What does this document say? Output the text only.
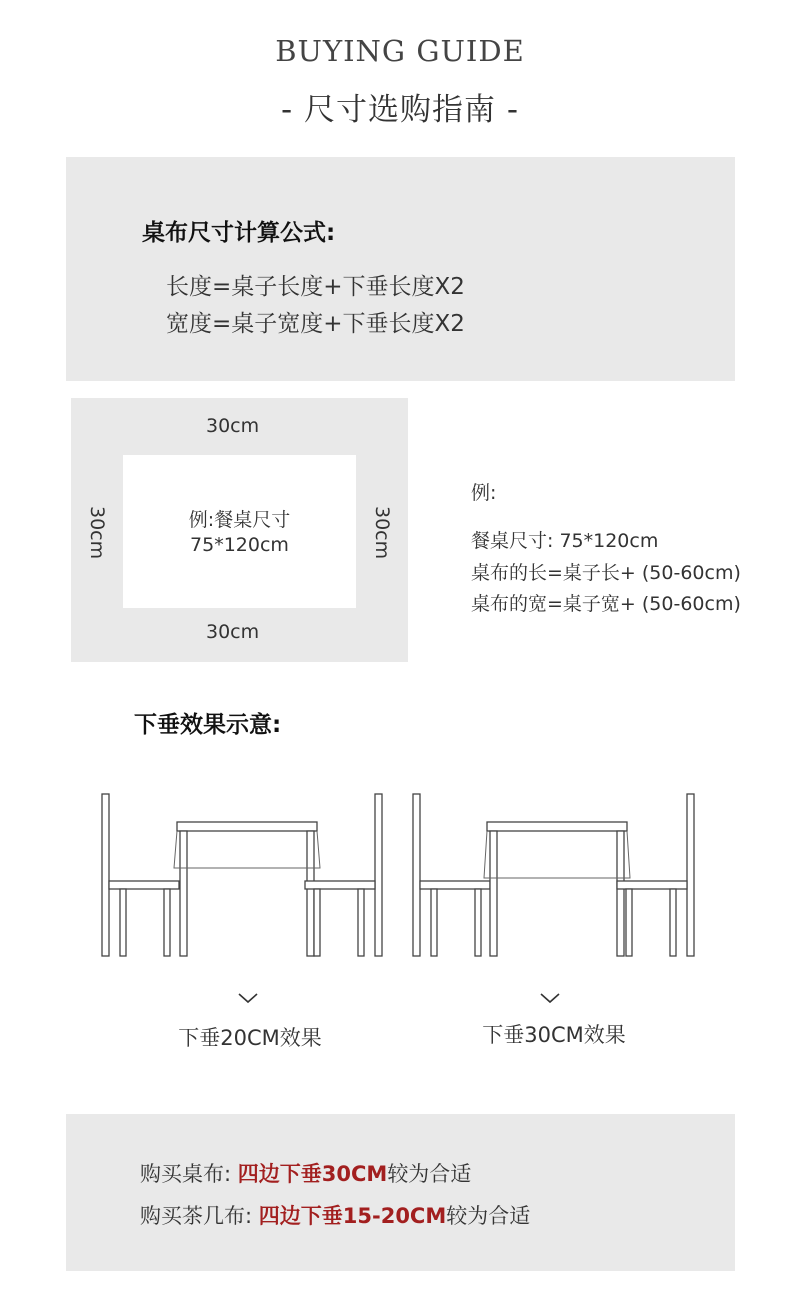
BUYING GUIDE
- 尺寸选购指南 -
桌布尺寸计算公式:
长度=桌子长度+下垂长度X2
宽度=桌子宽度+下垂长度X2
30cm
30cm
30cm	30cm
例:餐桌尺寸
75*120cm
例:
餐桌尺寸: 75*120cm
桌布的长=桌子长+ (50-60cm)
桌布的宽=桌子宽+ (50-60cm)
下垂效果示意:
下垂20CM效果	下垂30CM效果
购买桌布: 四边下垂30CM较为合适
购买茶几布: 四边下垂15-20CM较为合适
